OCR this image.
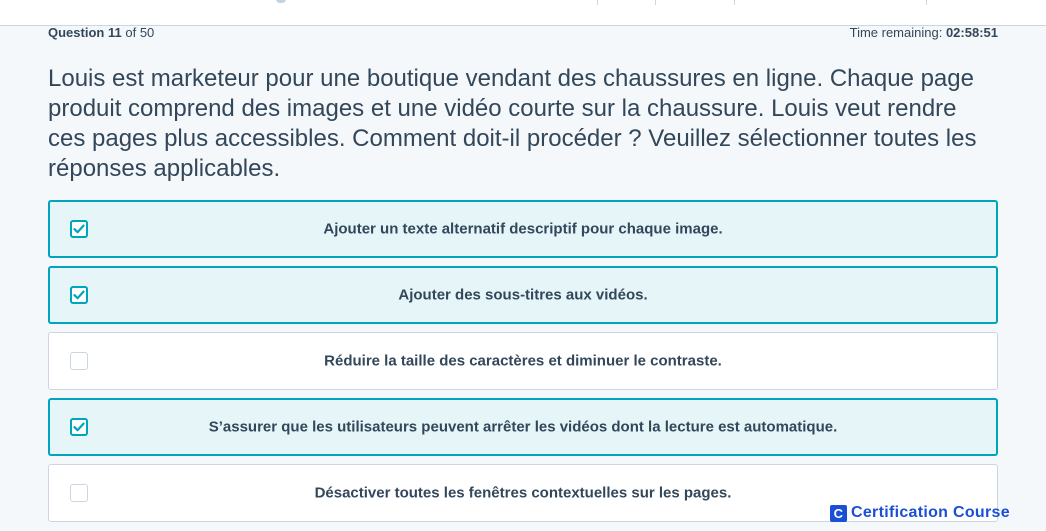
Question 11 of 50	Time remaining: 02:58:51

Louis est marketeur pour une boutique vendant des chaussures en ligne. Chaque page produit comprend des images et une vidéo courte sur la chaussure. Louis veut rendre ces pages plus accessibles. Comment doit-il procéder ? Veuillez sélectionner toutes les réponses applicables.

Ajouter un texte alternatif descriptif pour chaque image.
Ajouter des sous-titres aux vidéos.
Réduire la taille des caractères et diminuer le contraste.
S’assurer que les utilisateurs peuvent arrêter les vidéos dont la lecture est automatique.
Désactiver toutes les fenêtres contextuelles sur les pages.
C Certification Course
